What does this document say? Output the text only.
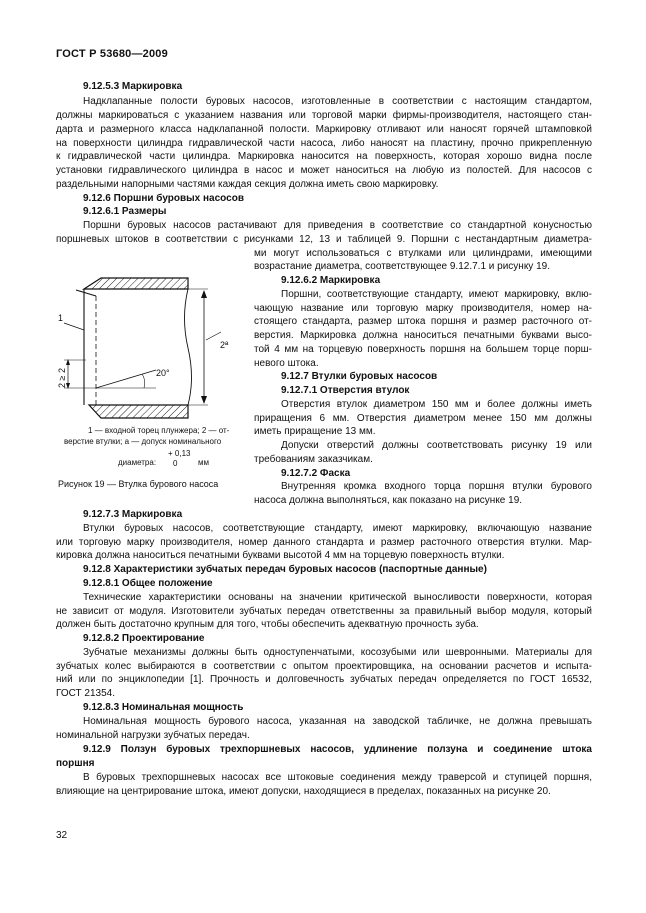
ГОСТ Р 53680—2009
9.12.5.3 Маркировка
Надклапанные полости буровых насосов, изготовленные в соответствии с настоящим стандартом,
должны маркироваться с указанием названия или торговой марки фирмы-производителя, настоящего стан-
дарта и размерного класса надклапанной полости. Маркировку отливают или наносят горячей штамповкой
на поверхности цилиндра гидравлической части насоса, либо наносят на пластину, прочно прикрепленную
к гидравлической части цилиндра. Маркировка наносится на поверхность, которая хорошо видна после
установки гидравлического цилиндра в насос и может наноситься на любую из полостей. Для насосов с
раздельными напорными частями каждая секция должна иметь свою маркировку.
9.12.6 Поршни буровых насосов
9.12.6.1 Размеры
Поршни буровых насосов растачивают для приведения в соответствие со стандартной конусностью
поршневых штоков в соответствии с рисунками 12, 13 и таблицей 9. Поршни с нестандартным диаметра-
ми могут использоваться с втулками или цилиндрами, имеющими
возрастание диаметра, соответствующее 9.12.7.1 и рисунку 19.
9.12.6.2 Маркировка
Поршни, соответствующие стандарту, имеют маркировку, вклю-
чающую название или торговую марку производителя, номер на-
стоящего стандарта, размер штока поршня и размер расточного от-
верстия. Маркировка должна наноситься печатными буквами высо-
той 4 мм на торцевую поверхность поршня на большем торце порш-
невого штока.
9.12.7 Втулки буровых насосов
9.12.7.1 Отверстия втулок
Отверстия втулок диаметром 150 мм и более должны иметь
приращения 6 мм. Отверстия диаметром менее 150 мм должны
иметь приращение 13 мм.
Допуски отверстий должны соответствовать рисунку 19 или
требованиям заказчикам.
9.12.7.2 Фаска
Внутренняя кромка входного торца поршня втулки бурового
насоса должна выполняться, как показано на рисунке 19.
1
2ª
20°
2 ≥ 2
1 — входной торец плунжера; 2 — от-
верстие втулки; a — допуск номинального
диаметра:
+ 0,13
0	мм
Рисунок 19 — Втулка бурового насоса
9.12.7.3 Маркировка
Втулки буровых насосов, соответствующие стандарту, имеют маркировку, включающую название
или торговую марку производителя, номер данного стандарта и размер расточного отверстия втулки. Мар-
кировка должна наноситься печатными буквами высотой 4 мм на торцевую поверхность втулки.
9.12.8 Характеристики зубчатых передач буровых насосов (паспортные данные)
9.12.8.1 Общее положение
Технические характеристики основаны на значении критической выносливости поверхности, которая
не зависит от модуля. Изготовители зубчатых передач ответственны за правильный выбор модуля, который
должен быть достаточно крупным для того, чтобы обеспечить адекватную прочность зуба.
9.12.8.2 Проектирование
Зубчатые механизмы должны быть одноступенчатыми, косозубыми или шевронными. Материалы для
зубчатых колес выбираются в соответствии с опытом проектировщика, на основании расчетов и испыта-
ний или по энциклопедии [1]. Прочность и долговечность зубчатых передач определяется по ГОСТ 16532,
ГОСТ 21354.
9.12.8.3 Номинальная мощность
Номинальная мощность бурового насоса, указанная на заводской табличке, не должна превышать
номинальной нагрузки зубчатых передач.
9.12.9 Ползун буровых трехпоршневых насосов, удлинение ползуна и соединение штока
поршня
В буровых трехпоршневых насосах все штоковые соединения между траверсой и ступицей поршня,
влияющие на центрирование штока, имеют допуски, находящиеся в пределах, показанных на рисунке 20.
32
